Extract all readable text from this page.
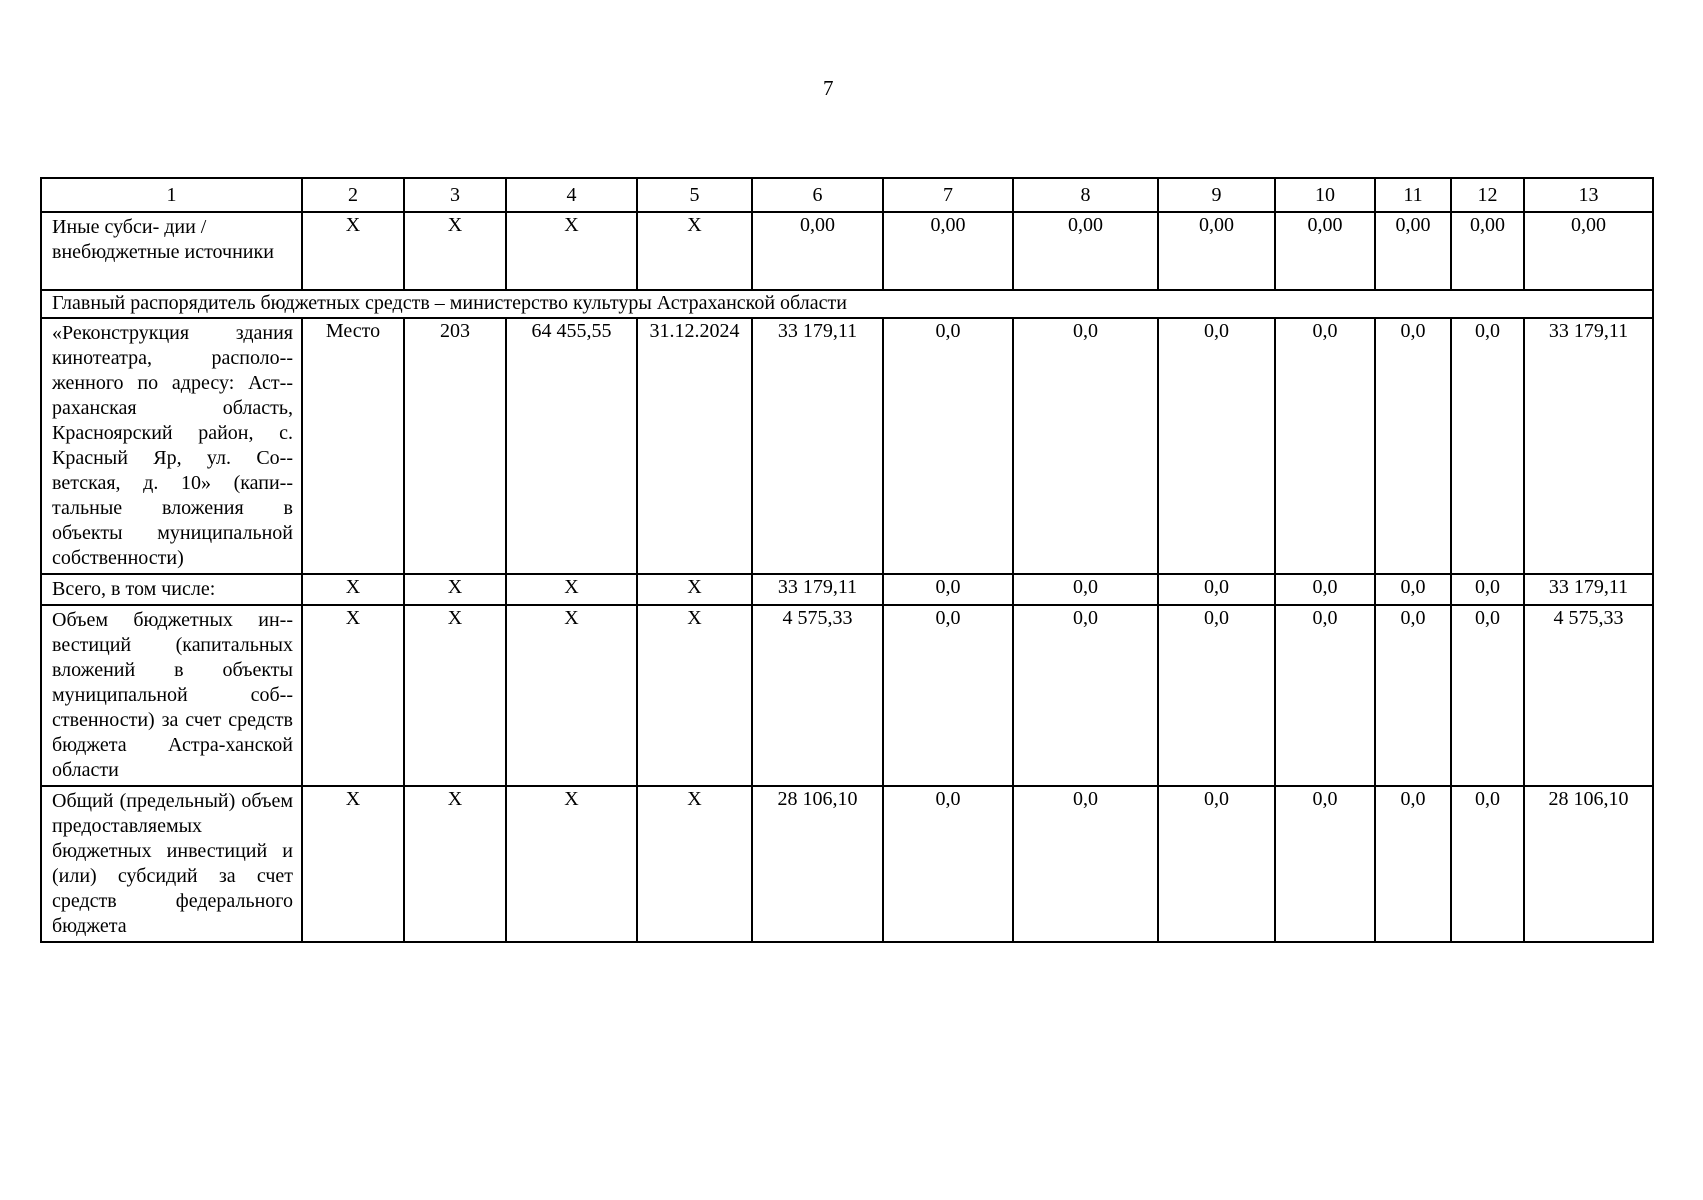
7
1	2	3	4	5	6	7	8	9	10	11	12	13
Иные субси- дии / внебюджетные источники	Х	Х	Х	Х	0,00	0,00	0,00	0,00	0,00	0,00	0,00	0,00
Главный распорядитель бюджетных средств – министерство культуры Астраханской области												
«Реконструкция здания кинотеатра, располо-женного по адресу: Аст-раханская область, Красноярский район, с. Красный Яр, ул. Со-ветская, д. 10» (капи-тальные вложения в объекты муниципальной собственности)	Место	203	64 455,55	31.12.2024	33 179,11	0,0	0,0	0,0	0,0	0,0	0,0	33 179,11
Всего, в том числе:	Х	Х	Х	Х	33 179,11	0,0	0,0	0,0	0,0	0,0	0,0	33 179,11
Объем бюджетных ин-вестиций (капитальных вложений в объекты муниципальной соб-ственности) за счет средств бюджета Астра-ханской области	Х	Х	Х	Х	4 575,33	0,0	0,0	0,0	0,0	0,0	0,0	4 575,33
Общий (предельный) объем предоставляемых бюджетных инвестиций и (или) субсидий за счет средств федерального бюджета	Х	Х	Х	Х	28 106,10	0,0	0,0	0,0	0,0	0,0	0,0	28 106,10
